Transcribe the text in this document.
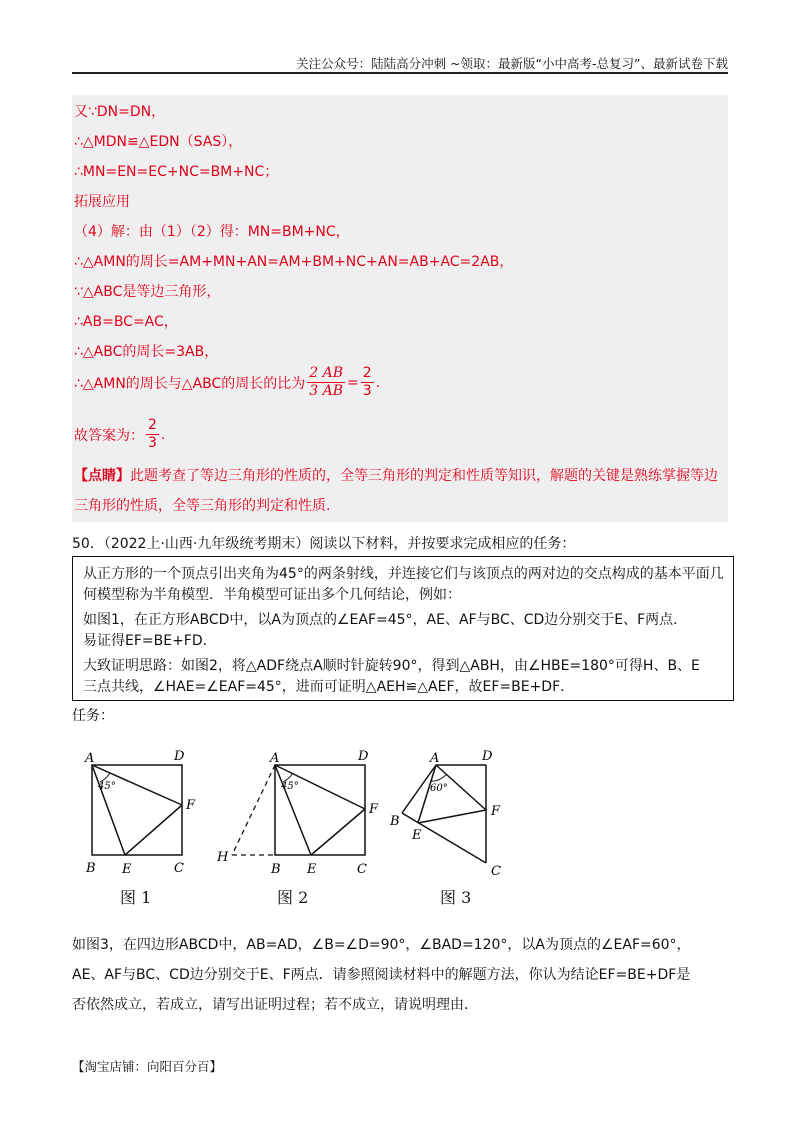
关注公众号：陆陆高分冲刺 ~领取：最新版“小中高考-总复习”、最新试卷下载
又∵DN=DN，
∴△MDN≌△EDN（SAS），
∴MN=EN=EC+NC=BM+NC；
拓展应用
（4）解：由（1）（2）得：MN=BM+NC，
∴△AMN的周长=AM+MN+AN=AM+BM+NC+AN=AB+AC=2AB，
∵△ABC是等边三角形，
∴AB=BC=AC，
∴△ABC的周长=3AB，
∴△AMN的周长与△ABC的周长的比为 $\frac{2 AB}{3 AB} = \frac{2}{3}$ .
故答案为： $\frac{2}{3}$ .
【点睛】此题考查了等边三角形的性质的，全等三角形的判定和性质等知识，解题的关键是熟练掌握等边三角形的性质，全等三角形的判定和性质.
50．（2022上·山西·九年级统考期末）阅读以下材料，并按要求完成相应的任务：
从正方形的一个顶点引出夹角为45°的两条射线，并连接它们与该顶点的两对边的交点构成的基本平面几
何模型称为半角模型．半角模型可证出多个几何结论，例如：
如图1，在正方形ABCD中，以A为顶点的∠EAF=45°，AE、AF与BC、CD边分别交于E、F两点．
易证得EF=BE+FD．
大致证明思路：如图2，将△ADF绕点A顺时针旋转90°，得到△ABH，由∠HBE=180°可得H、B、E
三点共线，∠HAE=∠EAF=45°，进而可证明△AEH≌△AEF，故EF=BE+DF．
任务：
A	D
B	C
E
F
45°
图 1
A	D
B	C
E
F
H
45°
图 2
A	D
B
C
E
F
60°
图 3
如图3，在四边形ABCD中，AB=AD，∠B=∠D=90°，∠BAD=120°，以A为顶点的∠EAF=60°，
AE、AF与BC、CD边分别交于E、F两点．请参照阅读材料中的解题方法，你认为结论EF=BE+DF是
否依然成立，若成立，请写出证明过程；若不成立，请说明理由．
【淘宝店铺：向阳百分百】
